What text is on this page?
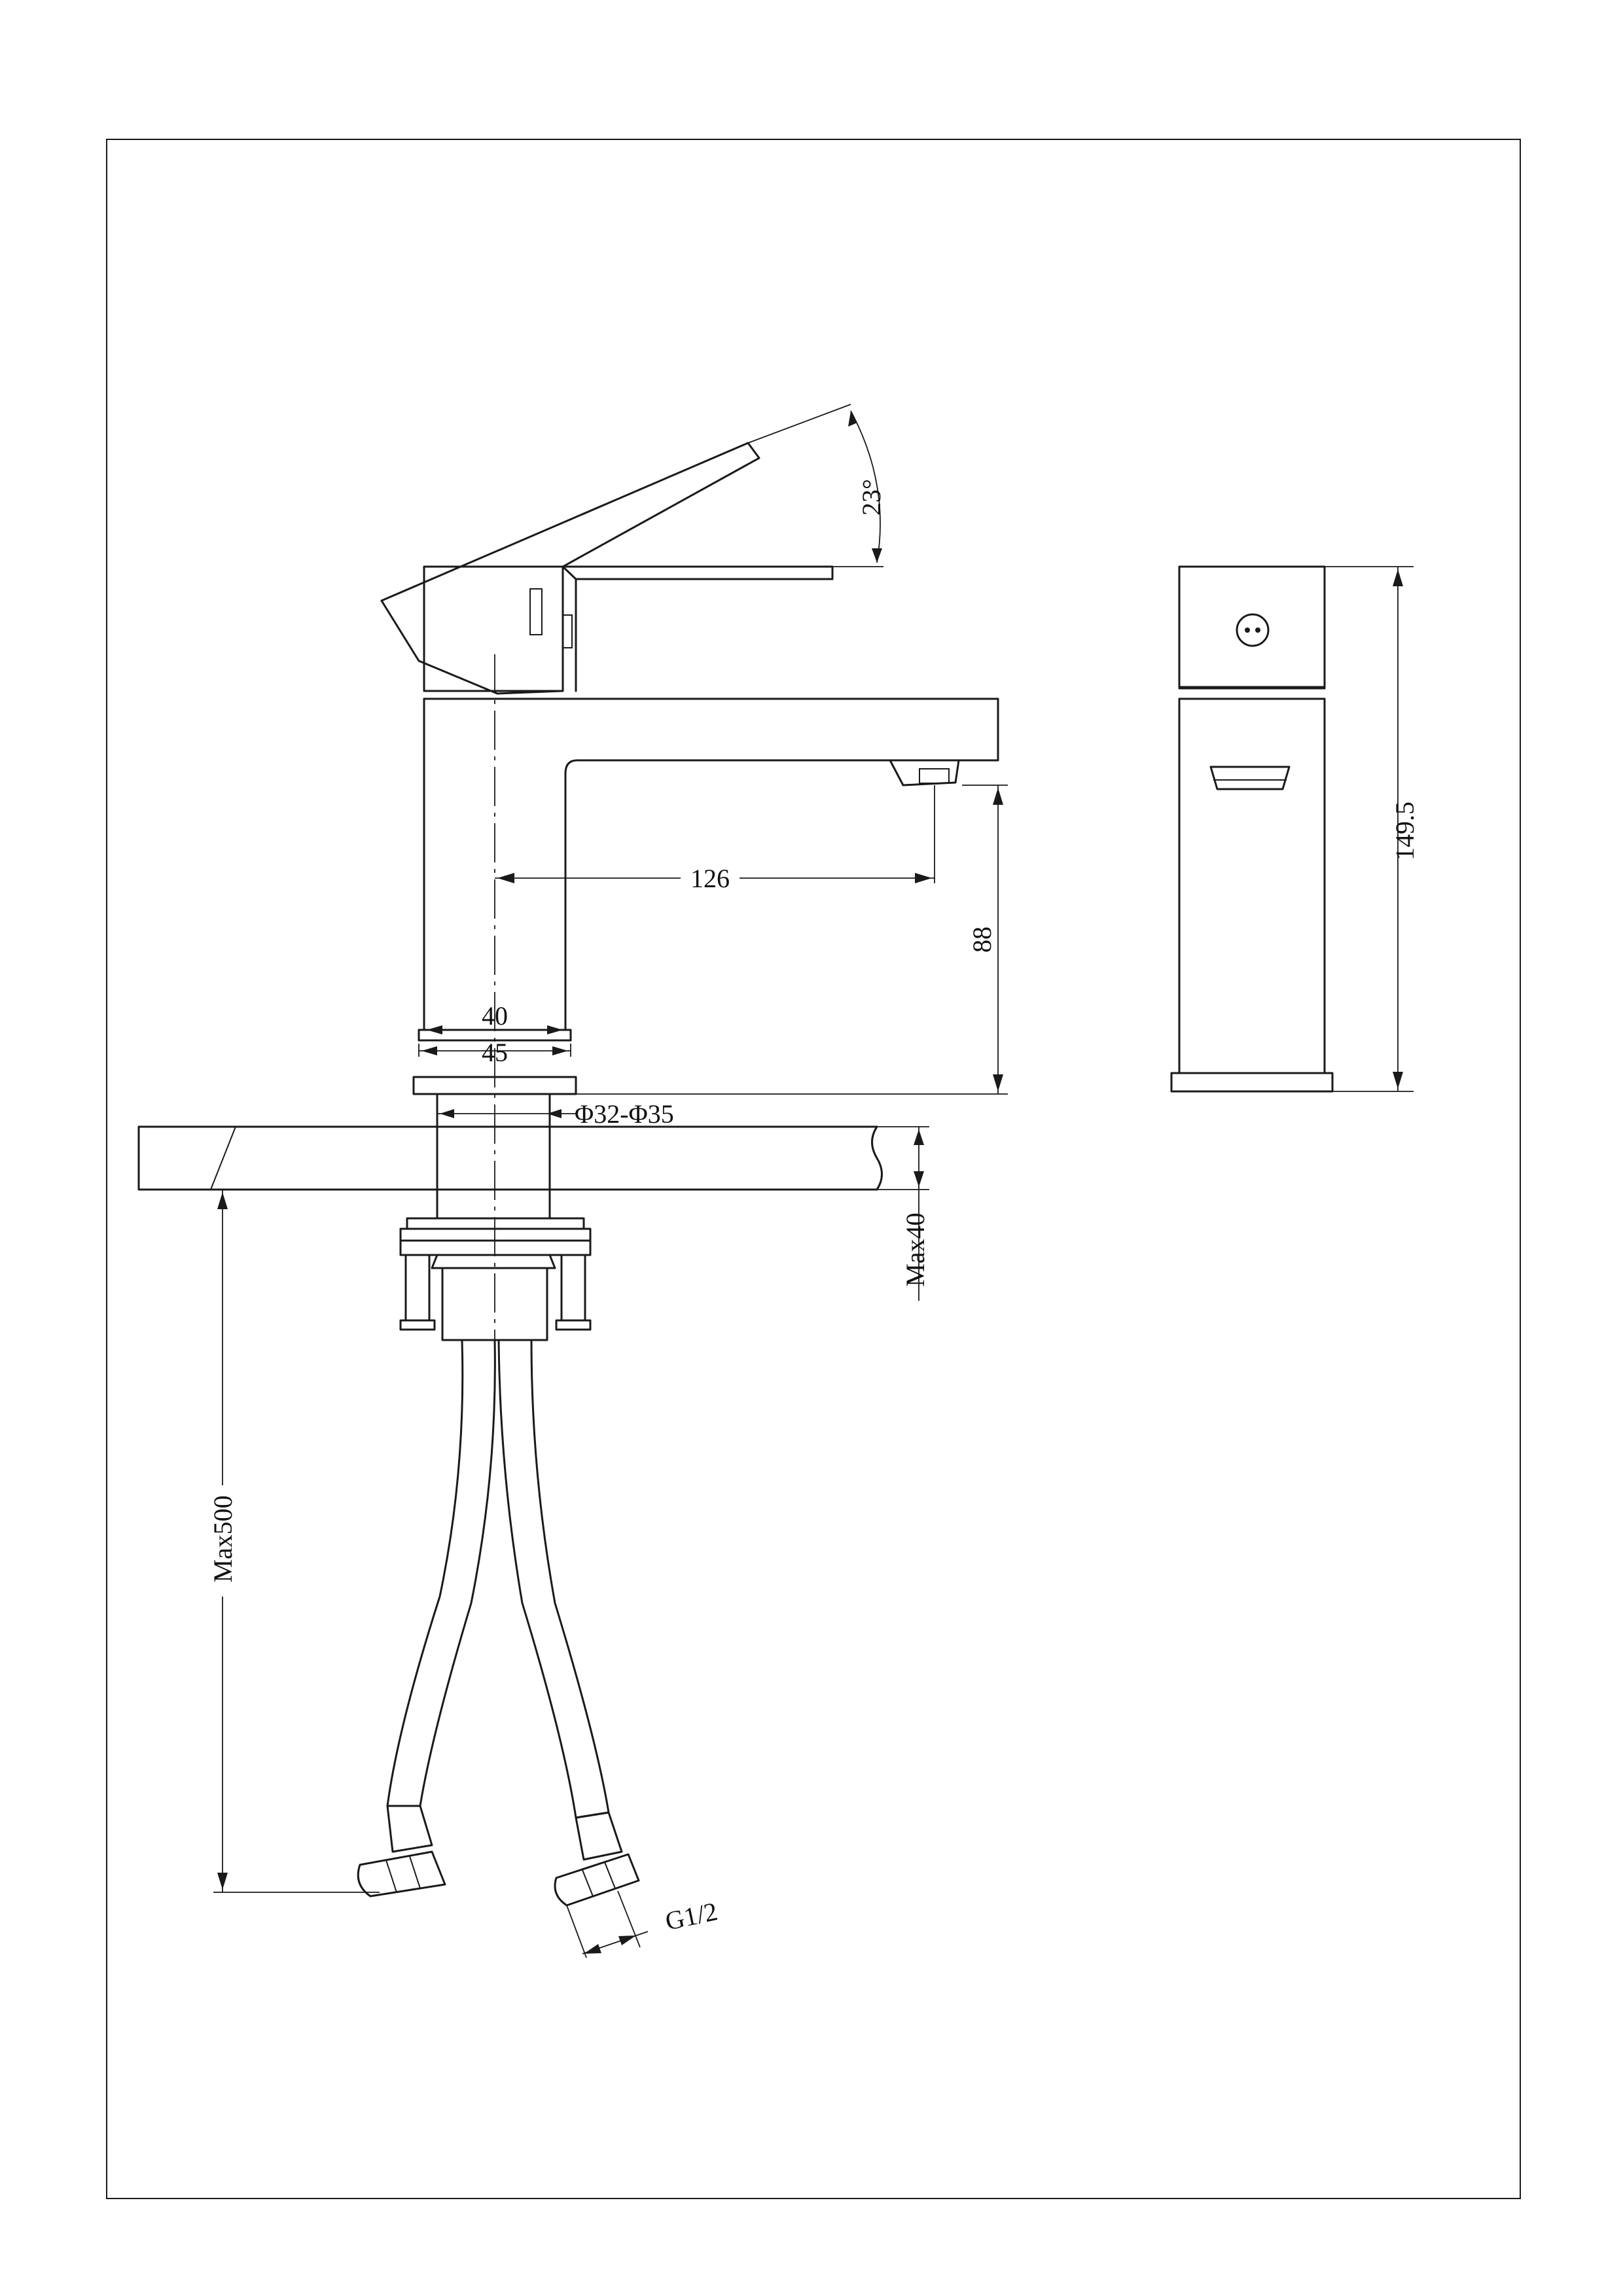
23°
126
88
149.5
40
45
Φ32-Φ35
Max40
Max500
G1/2
